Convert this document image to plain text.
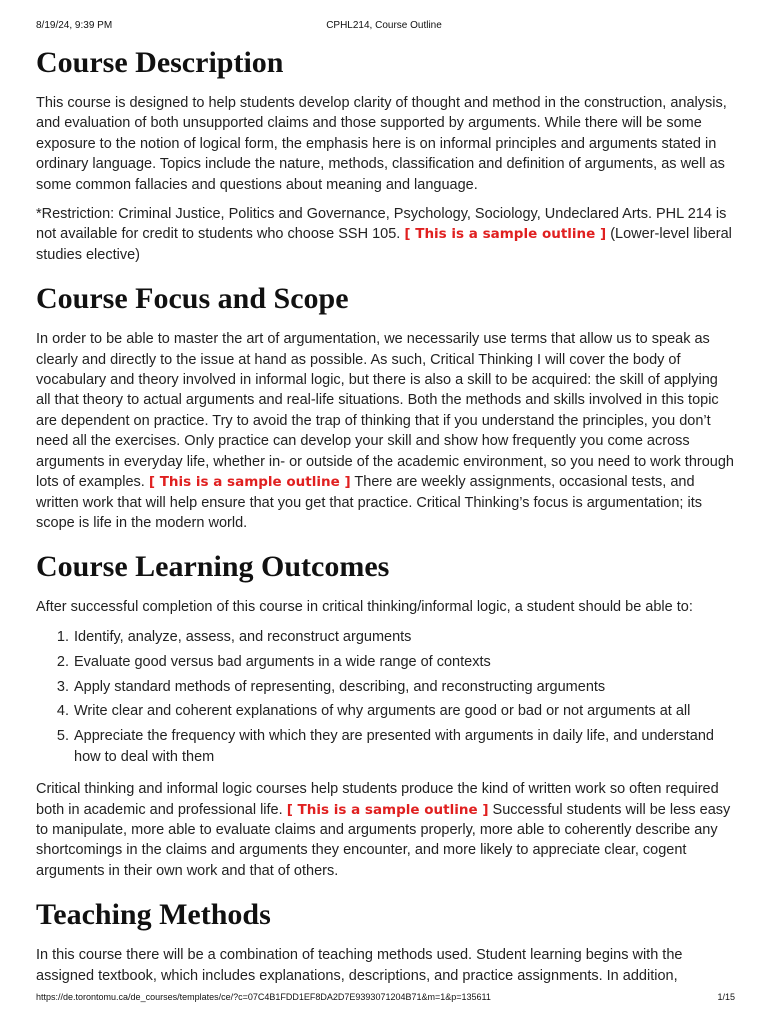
8/19/24, 9:39 PM	CPHL214, Course Outline
Course Description

This course is designed to help students develop clarity of thought and method in the construction, analysis, and evaluation of both unsupported claims and those supported by arguments. While there will be some exposure to the notion of logical form, the emphasis here is on informal principles and arguments stated in ordinary language. Topics include the nature, methods, classification and definition of arguments, as well as some common fallacies and questions about meaning and language.

*Restriction: Criminal Justice, Politics and Governance, Psychology, Sociology, Undeclared Arts. PHL 214 is not available for credit to students who choose SSH 105. [ This is a sample outline ] (Lower-level liberal studies elective)

Course Focus and Scope

In order to be able to master the art of argumentation, we necessarily use terms that allow us to speak as clearly and directly to the issue at hand as possible. As such, Critical Thinking I will cover the body of vocabulary and theory involved in informal logic, but there is also a skill to be acquired: the skill of applying all that theory to actual arguments and real-life situations. Both the methods and skills involved in this topic are dependent on practice. Try to avoid the trap of thinking that if you understand the principles, you don’t need all the exercises. Only practice can develop your skill and show how frequently you come across arguments in everyday life, whether in- or outside of the academic environment, so you need to work through lots of examples. [ This is a sample outline ] There are weekly assignments, occasional tests, and written work that will help ensure that you get that practice. Critical Thinking’s focus is argumentation; its scope is life in the modern world.

Course Learning Outcomes

After successful completion of this course in critical thinking/informal logic, a student should be able to:

1. Identify, analyze, assess, and reconstruct arguments
2. Evaluate good versus bad arguments in a wide range of contexts
3. Apply standard methods of representing, describing, and reconstructing arguments
4. Write clear and coherent explanations of why arguments are good or bad or not arguments at all
5. Appreciate the frequency with which they are presented with arguments in daily life, and understand how to deal with them

Critical thinking and informal logic courses help students produce the kind of written work so often required both in academic and professional life. [ This is a sample outline ] Successful students will be less easy to manipulate, more able to evaluate claims and arguments properly, more able to coherently describe any shortcomings in the claims and arguments they encounter, and more likely to appreciate clear, cogent arguments in their own work and that of others.

Teaching Methods

In this course there will be a combination of teaching methods used. Student learning begins with the assigned textbook, which includes explanations, descriptions, and practice assignments. In addition,

https://de.torontomu.ca/de_courses/templates/ce/?c=07C4B1FDD1EF8DA2D7E9393071204B71&m=1&p=135611	1/15
